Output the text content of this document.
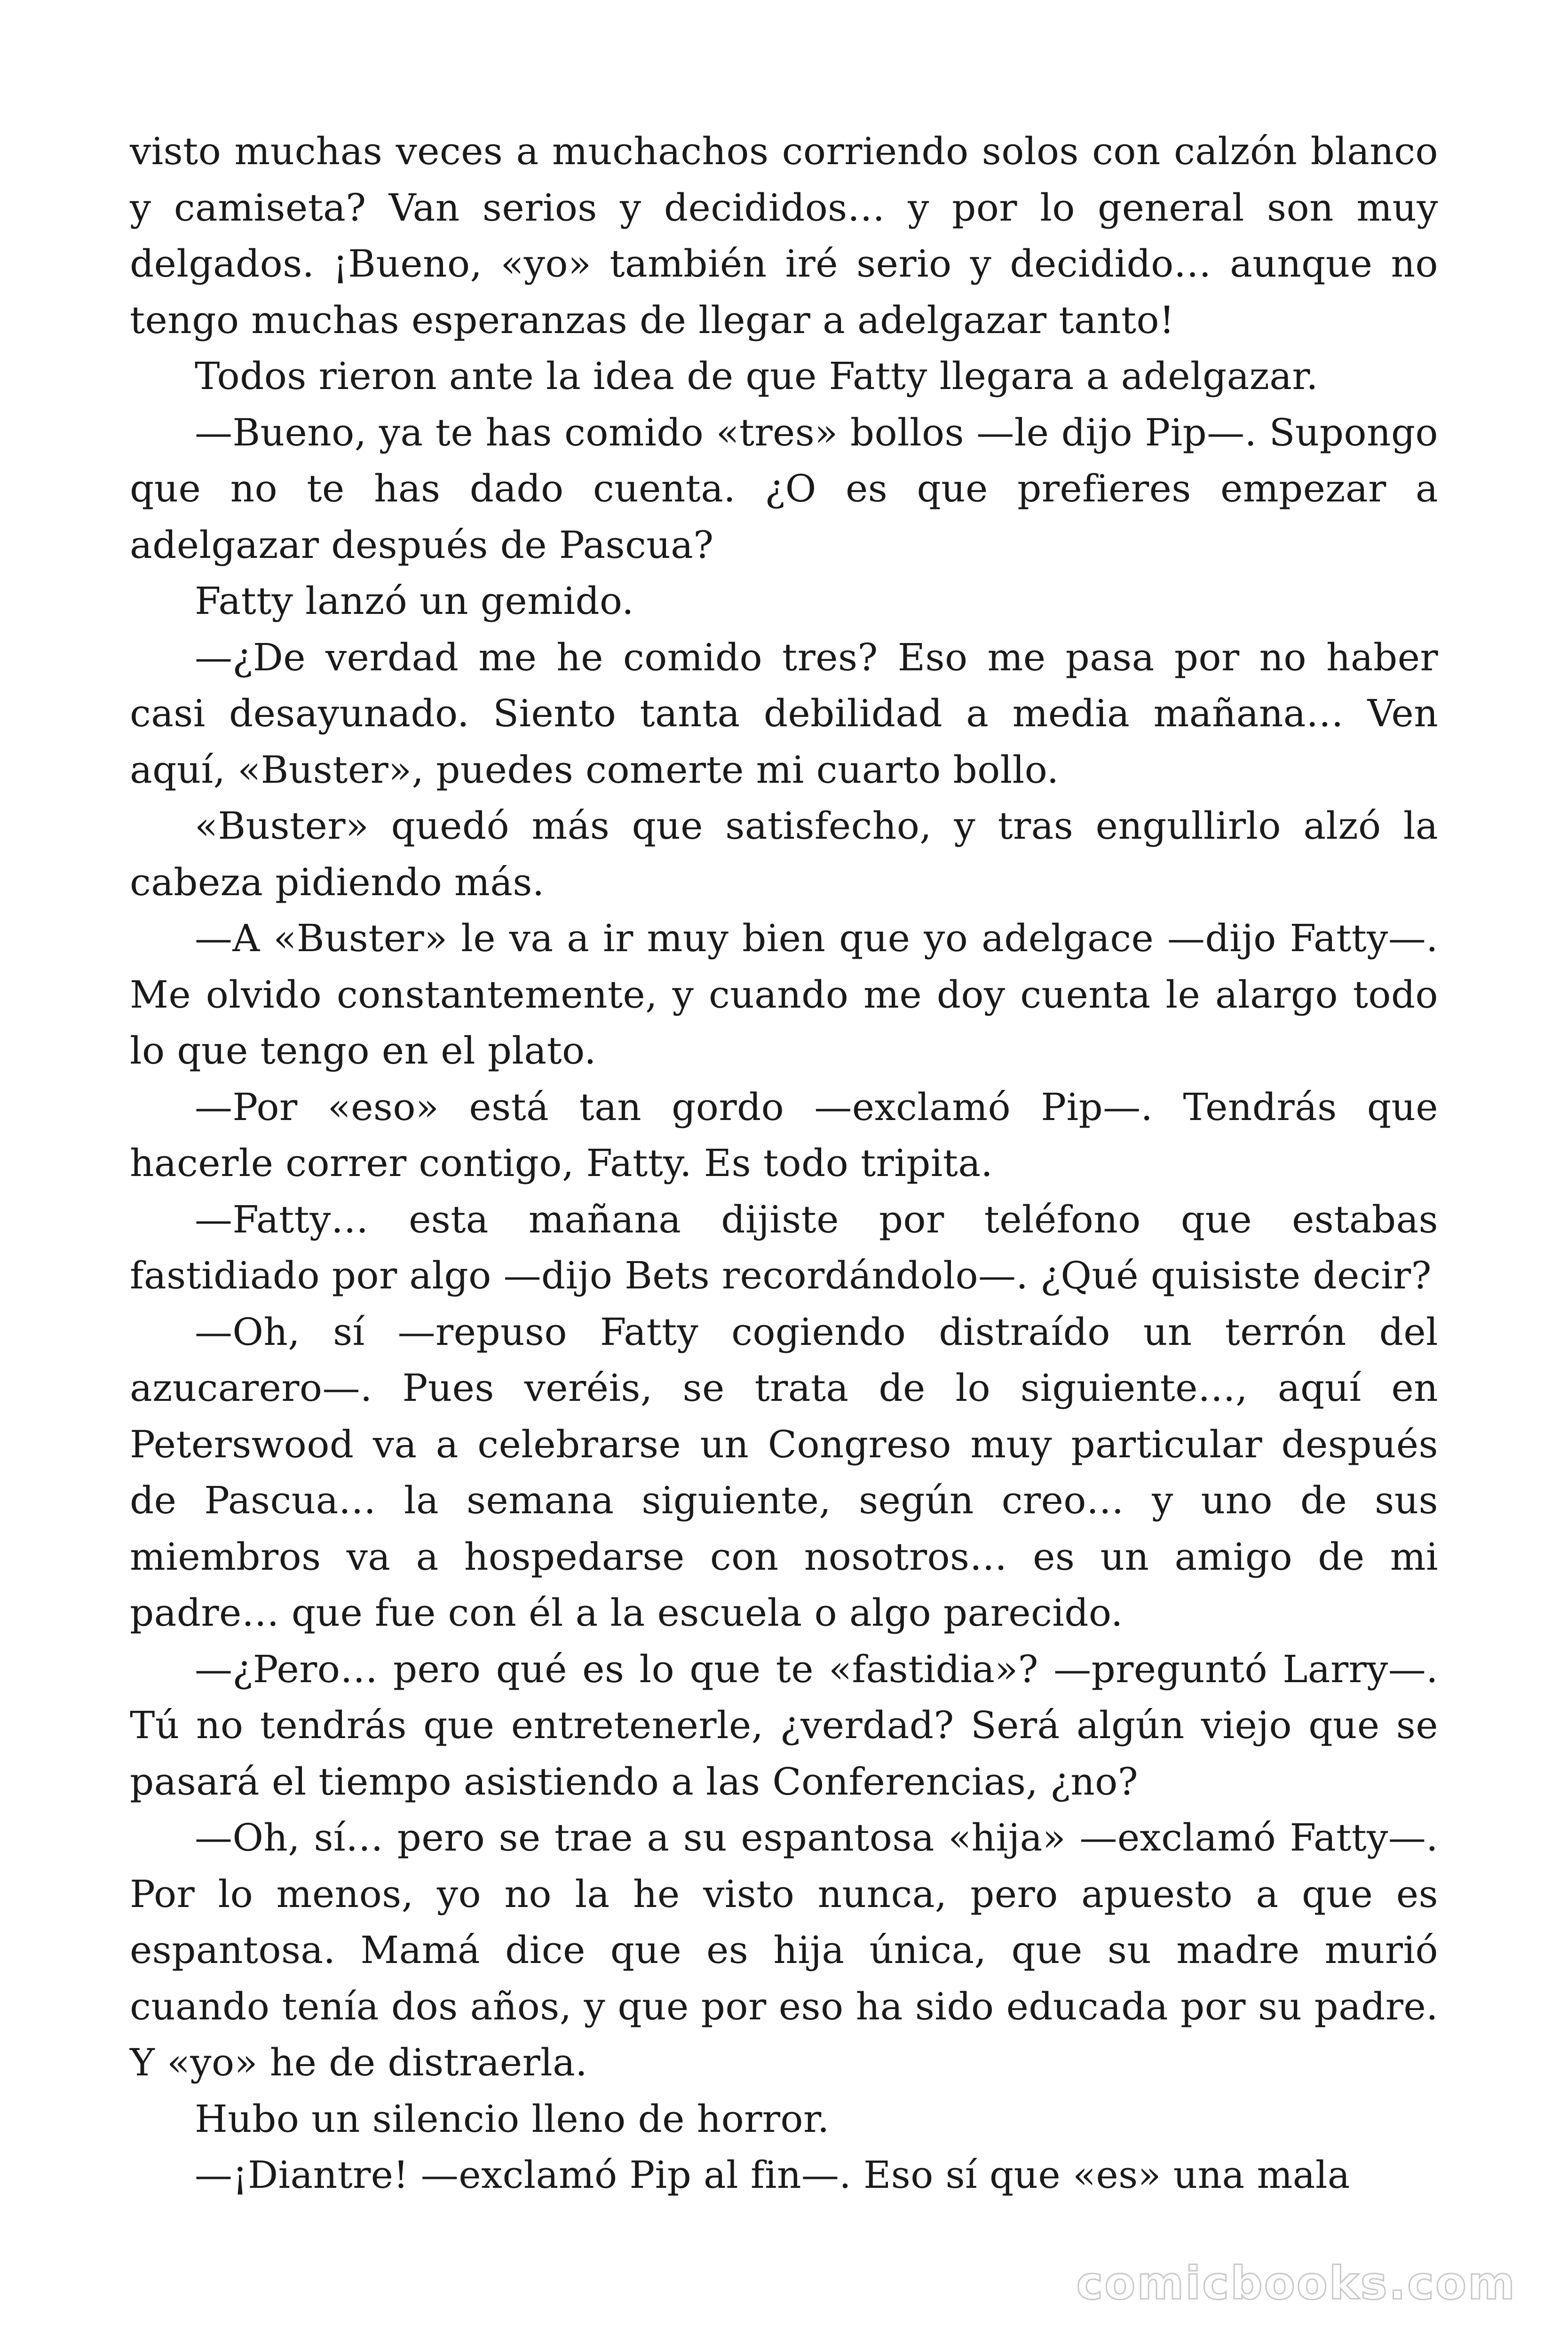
visto muchas veces a muchachos corriendo solos con calzón blanco y camiseta? Van serios y decididos… y por lo general son muy delgados. ¡Bueno, «yo» también iré serio y decidido… aunque no tengo muchas esperanzas de llegar a adelgazar tanto!

Todos rieron ante la idea de que Fatty llegara a adelgazar.

—Bueno, ya te has comido «tres» bollos —le dijo Pip—. Supongo que no te has dado cuenta. ¿O es que prefieres empezar a adelgazar después de Pascua?

Fatty lanzó un gemido.

—¿De verdad me he comido tres? Eso me pasa por no haber casi desayunado. Siento tanta debilidad a media mañana… Ven aquí, «Buster», puedes comerte mi cuarto bollo.

«Buster» quedó más que satisfecho, y tras engullirlo alzó la cabeza pidiendo más.

—A «Buster» le va a ir muy bien que yo adelgace —dijo Fatty—. Me olvido constantemente, y cuando me doy cuenta le alargo todo lo que tengo en el plato.

—Por «eso» está tan gordo —exclamó Pip—. Tendrás que hacerle correr contigo, Fatty. Es todo tripita.

—Fatty… esta mañana dijiste por teléfono que estabas fastidiado por algo —dijo Bets recordándolo—. ¿Qué quisiste decir?

—Oh, sí —repuso Fatty cogiendo distraído un terrón del azucarero—. Pues veréis, se trata de lo siguiente…, aquí en Peterswood va a celebrarse un Congreso muy particular después de Pascua… la semana siguiente, según creo… y uno de sus miembros va a hospedarse con nosotros… es un amigo de mi padre… que fue con él a la escuela o algo parecido.

—¿Pero… pero qué es lo que te «fastidia»? —preguntó Larry—. Tú no tendrás que entretenerle, ¿verdad? Será algún viejo que se pasará el tiempo asistiendo a las Conferencias, ¿no?

—Oh, sí… pero se trae a su espantosa «hija» —exclamó Fatty—. Por lo menos, yo no la he visto nunca, pero apuesto a que es espantosa. Mamá dice que es hija única, que su madre murió cuando tenía dos años, y que por eso ha sido educada por su padre. Y «yo» he de distraerla.

Hubo un silencio lleno de horror.

—¡Diantre! —exclamó Pip al fin—. Eso sí que «es» una mala

comicbooks.com
